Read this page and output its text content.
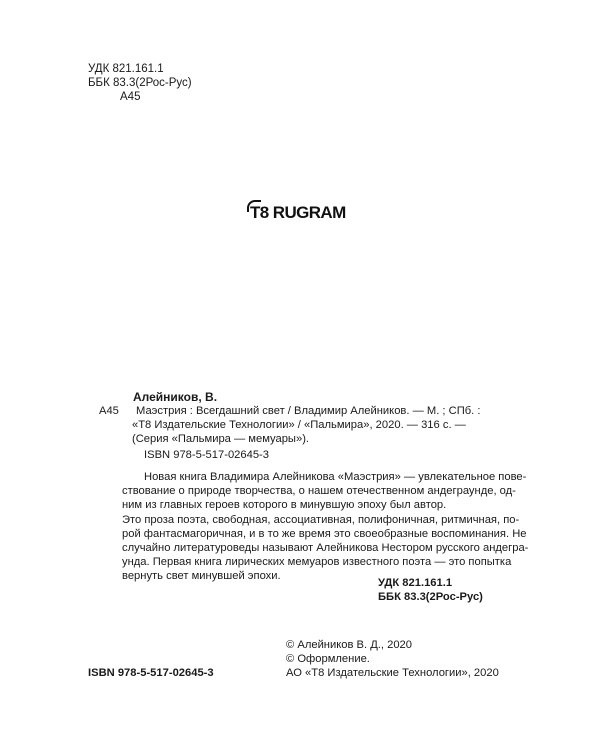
УДК 821.161.1
ББК 83.3(2Рос-Рус)
А45
T8 RUGRAM
Алейников, В.
А45 Маэстрия : Всегдашний свет / Владимир Алейников. — М. ; СПб. :
«Т8 Издательские Технологии» / «Пальмира», 2020. — 316 с. —
(Серия «Пальмира — мемуары»).
ISBN 978-5-517-02645-3
Новая книга Владимира Алейникова «Маэстрия» — увлекательное пове-
ствование о природе творчества, о нашем отечественном андеграунде, од-
ним из главных героев которого в минувшую эпоху был автор.
Это проза поэта, свободная, ассоциативная, полифоничная, ритмичная, по-
рой фантасмагоричная, и в то же время это своеобразные воспоминания. Не
случайно литературоведы называют Алейникова Нестором русского андегра-
унда. Первая книга лирических мемуаров известного поэта — это попытка
вернуть свет минувшей эпохи.
УДК 821.161.1
ББК 83.3(2Рос-Рус)
© Алейников В. Д., 2020
© Оформление.
АО «Т8 Издательские Технологии», 2020
ISBN 978-5-517-02645-3
